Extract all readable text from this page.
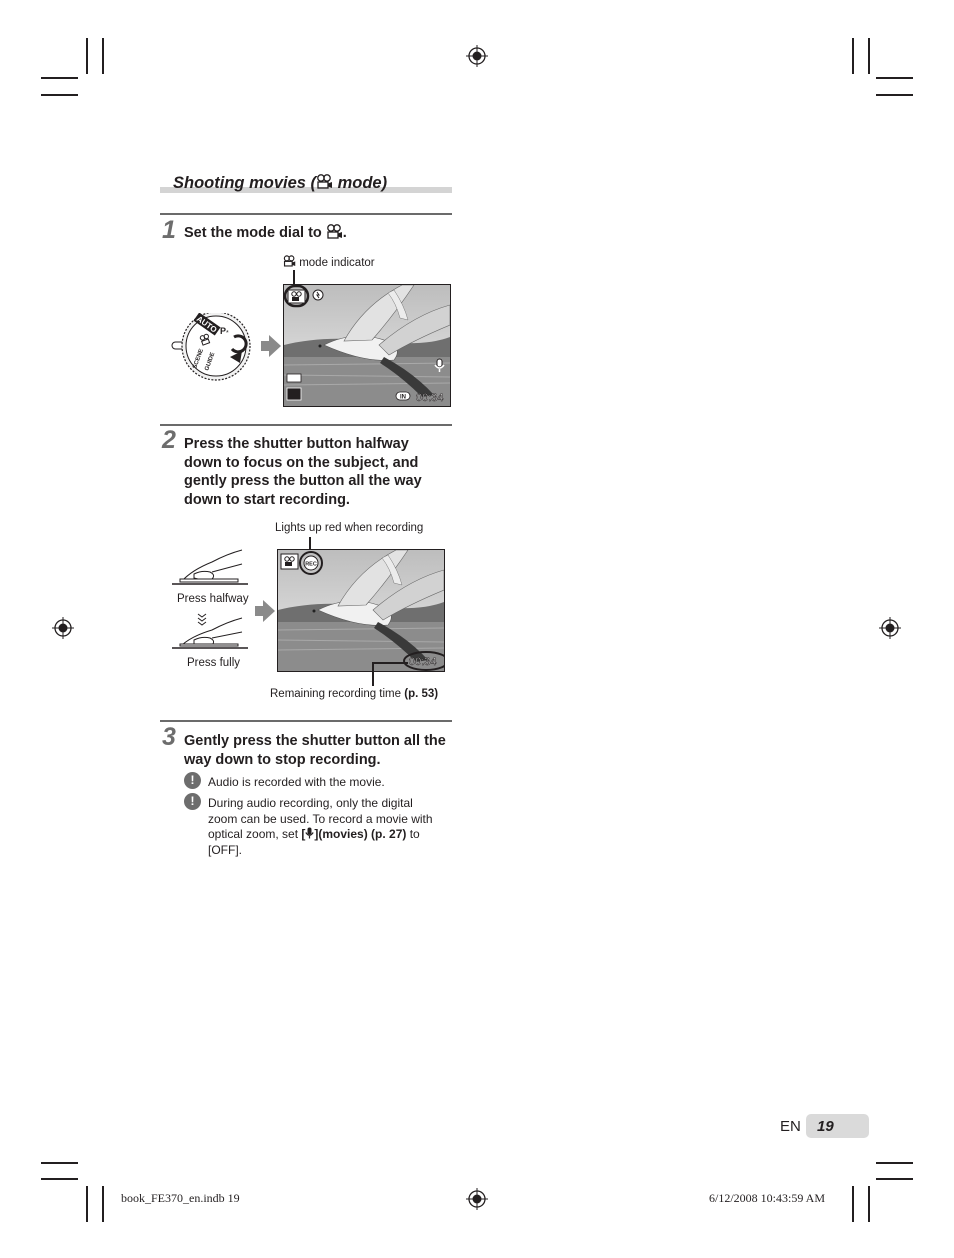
Shooting movies ( mode)
1 Set the mode dial to .
mode indicator
AUTO P
SCENE GUIDE
*
IN 00:34
2 Press the shutter button halfway down to focus on the subject, and gently press the button all the way down to start recording.
Lights up red when recording
Press halfway
Press fully
REC
00:34
Remaining recording time (p. 53)
3 Gently press the shutter button all the way down to stop recording.
!	Audio is recorded with the movie.
!	During audio recording, only the digital zoom can be used. To record a movie with optical zoom, set [ ](movies) (p. 27) to [OFF].
EN 19
book_FE370_en.indb 19	6/12/2008 10:43:59 AM
